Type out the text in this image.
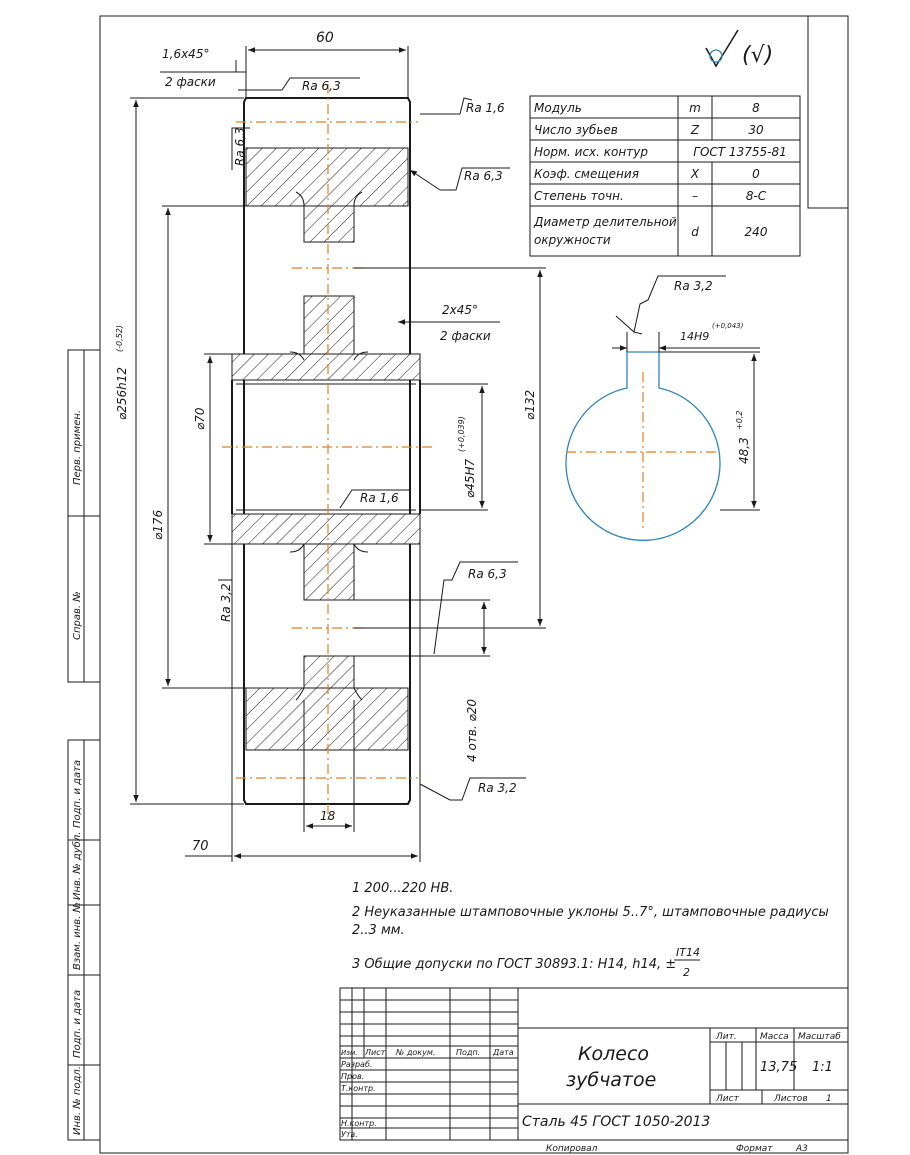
Перв. примен.
Справ. №
Подп. и дата
Инв. № дубл.
Взам. инв. №
Подп. и дата
Инв. № подл.
(√)
Модуль	m	8
Число зубьев	Z	30
Норм. исх. контур	ГОСТ 13755-81
Коэф. смещения	X	0
Степень точн.	–	8-C
Диаметр делительной
окружности
d	240
60
1,6x45°
2 фаски	Ra 6,3
Ra 1,6
Ra 6,3
Ra 6,3
⌀256h12
(-0,52)
2x45°
2 фаски
⌀70
⌀45H7
(+0,039)
⌀132
⌀176
Ra 1,6
Ra 3,2
Ra 6,3
4 отв. ⌀20
Ra 3,2
18
70
Ra 3,2
14H9
(+0,043)
48,3
+0,2
1 200...220 HB.
2 Неуказанные штамповочные уклоны 5..7°, штамповочные радиусы
2..3 мм.
3 Общие допуски по ГОСТ 30893.1: H14, h14, ±
IT14
2
Изм. Лист № докум.	Подп. Дата
Разраб.
Пров.
Т.контр.
Н.контр.
Утв.
Колесо
зубчатое
Сталь 45 ГОСТ 1050-2013
Лит.	Масса Масштаб
13,75 1:1
Лист	Листов 1
Копировал	Формат	А3
